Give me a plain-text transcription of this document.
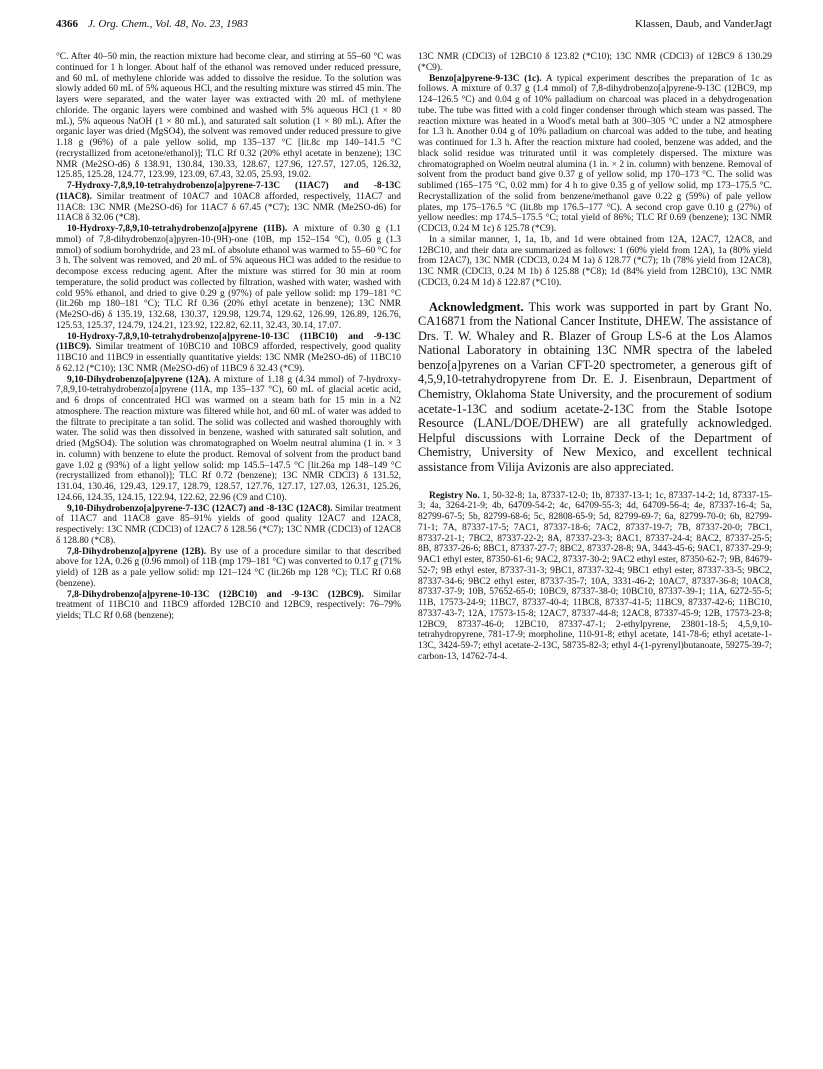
4366 J. Org. Chem., Vol. 48, No. 23, 1983	Klassen, Daub, and VanderJagt

°C. After 40–50 min, the reaction mixture had become clear, and stirring at 55–60 °C was continued for 1 h longer. About half of the ethanol was removed under reduced pressure, and 60 mL of methylene chloride was added to dissolve the residue. To the solution was slowly added 60 mL of 5% aqueous HCl, and the resulting mixture was stirred 45 min. The layers were separated, and the water layer was extracted with 20 mL of methylene chloride. The organic layers were combined and washed with 5% aqueous HCl (1 × 80 mL), 5% aqueous NaOH (1 × 80 mL), and saturated salt solution (1 × 80 mL). After the organic layer was dried (MgSO4), the solvent was removed under reduced pressure to give 1.18 g (96%) of a pale yellow solid, mp 135–137 °C [lit.8c mp 140–141.5 °C (recrystallized from acetone/ethanol)]; TLC Rf 0.32 (20% ethyl acetate in benzene); 13C NMR (Me2SO-d6) δ 138.91, 130.84, 130.33, 128.67, 127.96, 127.57, 127.05, 126.32, 125.85, 125.28, 124.77, 123.99, 123.09, 67.43, 32.05, 25.93, 19.02.

7-Hydroxy-7,8,9,10-tetrahydrobenzo[a]pyrene-7-13C (11AC7) and -8-13C (11AC8). Similar treatment of 10AC7 and 10AC8 afforded, respectively, 11AC7 and 11AC8: 13C NMR (Me2SO-d6) for 11AC7 δ 67.45 (*C7); 13C NMR (Me2SO-d6) for 11AC8 δ 32.06 (*C8).

10-Hydroxy-7,8,9,10-tetrahydrobenzo[a]pyrene (11B). A mixture of 0.30 g (1.1 mmol) of 7,8-dihydrobenzo[a]pyren-10-(9H)-one (10B, mp 152–154 °C), 0.05 g (1.3 mmol) of sodium borohydride, and 23 mL of absolute ethanol was warmed to 55–60 °C for 3 h. The solvent was removed, and 20 mL of 5% aqueous HCl was added to the residue to decompose excess reducing agent. After the mixture was stirred for 30 min at room temperature, the solid product was collected by filtration, washed with water, washed with cold 95% ethanol, and dried to give 0.29 g (97%) of pale yellow solid: mp 179–181 °C (lit.26b mp 180–181 °C); TLC Rf 0.36 (20% ethyl acetate in benzene); 13C NMR (Me2SO-d6) δ 135.19, 132.68, 130.37, 129.98, 129.74, 129.62, 126.99, 126.89, 126.76, 125.53, 125.37, 124.79, 124.21, 123.92, 122.82, 62.11, 32.43, 30.14, 17.07.

10-Hydroxy-7,8,9,10-tetrahydrobenzo[a]pyrene-10-13C (11BC10) and -9-13C (11BC9). Similar treatment of 10BC10 and 10BC9 afforded, respectively, good quality 11BC10 and 11BC9 in essentially quantitative yields: 13C NMR (Me2SO-d6) of 11BC10 δ 62.12 (*C10); 13C NMR (Me2SO-d6) of 11BC9 δ 32.43 (*C9).

9,10-Dihydrobenzo[a]pyrene (12A). A mixture of 1.18 g (4.34 mmol) of 7-hydroxy-7,8,9,10-tetrahydrobenzo[a]pyrene (11A, mp 135–137 °C), 60 mL of glacial acetic acid, and 6 drops of concentrated HCl was warmed on a steam bath for 15 min in a N2 atmosphere. The reaction mixture was filtered while hot, and 60 mL of water was added to the filtrate to precipitate a tan solid. The solid was collected and washed thoroughly with water. The solid was then dissolved in benzene, washed with saturated salt solution, and dried (MgSO4). The solution was chromatographed on Woelm neutral alumina (1 in. × 3 in. column) with benzene to elute the product. Removal of solvent from the product band gave 1.02 g (93%) of a light yellow solid: mp 145.5–147.5 °C [lit.26a mp 148–149 °C (recrystallized from ethanol)]; TLC Rf 0.72 (benzene); 13C NMR CDCl3) δ 131.52, 131.04, 130.46, 129.43, 129.17, 128.79, 128.57, 127.76, 127.17, 127.03, 126.31, 125.26, 124.66, 124.35, 124.15, 122.94, 122.62, 22.96 (C9 and C10).

9,10-Dihydrobenzo[a]pyrene-7-13C (12AC7) and -8-13C (12AC8). Similar treatment of 11AC7 and 11AC8 gave 85–91% yields of good quality 12AC7 and 12AC8, respectively: 13C NMR (CDCl3) of 12AC7 δ 128.56 (*C7); 13C NMR (CDCl3) of 12AC8 δ 128.80 (*C8).

7,8-Dihydrobenzo[a]pyrene (12B). By use of a procedure similar to that described above for 12A, 0.26 g (0.96 mmol) of 11B (mp 179–181 °C) was converted to 0.17 g (71% yield) of 12B as a pale yellow solid: mp 121–124 °C (lit.26b mp 128 °C); TLC Rf 0.68 (benzene).

7,8-Dihydrobenzo[a]pyrene-10-13C (12BC10) and -9-13C (12BC9). Similar treatment of 11BC10 and 11BC9 afforded 12BC10 and 12BC9, respectively: 76–79% yields; TLC Rf 0.68 (benzene);

13C NMR (CDCl3) of 12BC10 δ 123.82 (*C10); 13C NMR (CDCl3) of 12BC9 δ 130.29 (*C9).

Benzo[a]pyrene-9-13C (1c). A typical experiment describes the preparation of 1c as follows. A mixture of 0.37 g (1.4 mmol) of 7,8-dihydrobenzo[a]pyrene-9-13C (12BC9, mp 124–126.5 °C) and 0.04 g of 10% palladium on charcoal was placed in a dehydrogenation tube. The tube was fitted with a cold finger condenser through which steam was passed. The reaction mixture was heated in a Wood's metal bath at 300–305 °C under a N2 atmosphere for 1.3 h. Another 0.04 g of 10% palladium on charcoal was added to the tube, and heating was continued for 1.3 h. After the reaction mixture had cooled, benzene was added, and the black solid residue was triturated until it was completely dispersed. The mixture was chromatographed on Woelm neutral alumina (1 in. × 2 in. column) with benzene. Removal of solvent from the product band give 0.37 g of yellow solid, mp 170–173 °C. The solid was sublimed (165–175 °C, 0.02 mm) for 4 h to give 0.35 g of yellow solid, mp 173–175.5 °C. Recrystallization of the solid from benzene/methanol gave 0.22 g (59%) of pale yellow plates, mp 175–176.5 °C (lit.8b mp 176.5–177 °C). A second crop gave 0.10 g (27%) of yellow needles: mp 174.5–175.5 °C; total yield of 86%; TLC Rf 0.69 (benzene); 13C NMR (CDCl3, 0.24 M 1c) δ 125.78 (*C9).

In a similar manner, 1, 1a, 1b, and 1d were obtained from 12A, 12AC7, 12AC8, and 12BC10, and their data are summarized as follows: 1 (60% yield from 12A), 1a (80% yield from 12AC7), 13C NMR (CDCl3, 0.24 M 1a) δ 128.77 (*C7); 1b (78% yield from 12AC8), 13C NMR (CDCl3, 0.24 M 1b) δ 125.88 (*C8); 1d (84% yield from 12BC10), 13C NMR (CDCl3, 0.24 M 1d) δ 122.87 (*C10).

Acknowledgment. This work was supported in part by Grant No. CA16871 from the National Cancer Institute, DHEW. The assistance of Drs. T. W. Whaley and R. Blazer of Group LS-6 at the Los Alamos National Laboratory in obtaining 13C NMR spectra of the labeled benzo[a]pyrenes on a Varian CFT-20 spectrometer, a generous gift of 4,5,9,10-tetrahydropyrene from Dr. E. J. Eisenbraun, Department of Chemistry, Oklahoma State University, and the procurement of sodium acetate-1-13C and sodium acetate-2-13C from the Stable Isotope Resource (LANL/DOE/DHEW) are all gratefully acknowledged. Helpful discussions with Lorraine Deck of the Department of Chemistry, University of New Mexico, and excellent technical assistance from Vilija Avizonis are also appreciated.

Registry No. 1, 50-32-8; 1a, 87337-12-0; 1b, 87337-13-1; 1c, 87337-14-2; 1d, 87337-15-3; 4a, 3264-21-9; 4b, 64709-54-2; 4c, 64709-55-3; 4d, 64709-56-4; 4e, 87337-16-4; 5a, 82799-67-5; 5b, 82799-68-6; 5c, 82808-65-9; 5d, 82799-69-7; 6a, 82799-70-0; 6b, 82799-71-1; 7A, 87337-17-5; 7AC1, 87337-18-6; 7AC2, 87337-19-7; 7B, 87337-20-0; 7BC1, 87337-21-1; 7BC2, 87337-22-2; 8A, 87337-23-3; 8AC1, 87337-24-4; 8AC2, 87337-25-5; 8B, 87337-26-6; 8BC1, 87337-27-7; 8BC2, 87337-28-8; 9A, 3443-45-6; 9AC1, 87337-29-9; 9AC1 ethyl ester, 87350-61-6; 9AC2, 87337-30-2; 9AC2 ethyl ester, 87350-62-7; 9B, 84679-52-7; 9B ethyl ester, 87337-31-3; 9BC1, 87337-32-4; 9BC1 ethyl ester, 87337-33-5; 9BC2, 87337-34-6; 9BC2 ethyl ester, 87337-35-7; 10A, 3331-46-2; 10AC7, 87337-36-8; 10AC8, 87337-37-9; 10B, 57652-65-0; 10BC9, 87337-38-0; 10BC10, 87337-39-1; 11A, 6272-55-5; 11B, 17573-24-9; 11BC7, 87337-40-4; 11BC8, 87337-41-5; 11BC9, 87337-42-6; 11BC10, 87337-43-7; 12A, 17573-15-8; 12AC7, 87337-44-8; 12AC8, 87337-45-9; 12B, 17573-23-8; 12BC9, 87337-46-0; 12BC10, 87337-47-1; 2-ethylpyrene, 23801-18-5; 4,5,9,10-tetrahydropyrene, 781-17-9; morpholine, 110-91-8; ethyl acetate, 141-78-6; ethyl acetate-1-13C, 3424-59-7; ethyl acetate-2-13C, 58735-82-3; ethyl 4-(1-pyrenyl)butanoate, 59275-39-7; carbon-13, 14762-74-4.
